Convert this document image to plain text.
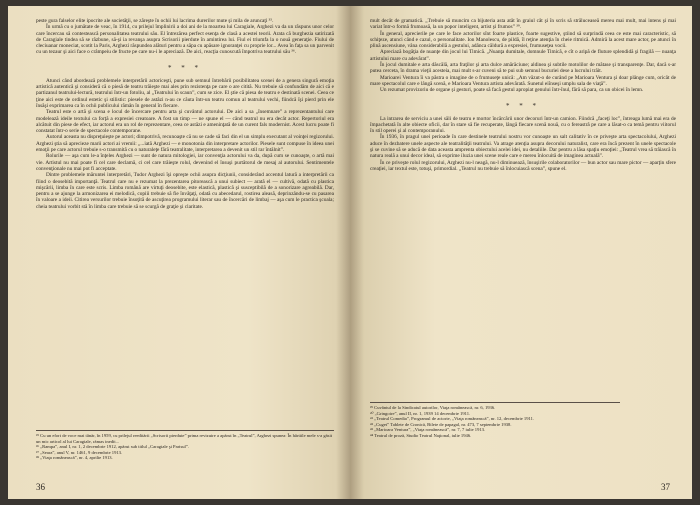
peste gura falselor elite ipocrite ale societăţii, se zăreşte în ochii lui lacrima durerilor mute şi mila de aruncaţi ³⁵.

În urmă cu o jumătate de veac, în 1914, cu prilejul împlinirii a doi ani de la moartea lui Caragiale, Arghezi va da un răspuns unor celor care încercau să contestească personalitatea teatrului său. El întrezărea perfect esenţa de clasă a acestei teorii. Arata că burghezia satirizată de Caragiale tindea să se răzbune, să-şi ia revanşa asupra Scrisorii pierdute în amintirea lui. Fiul ei triumfa la o nouă generaţie. Fiului de cleciuanar moneciat, scotit la Paris, Arghezi răspundea alături pentru a săpa cu apăsare ignoranţei cu proprie lor... Avea în faţa sa un parvenit cu un tezaur şi aici face o crâmpeiu de fructe pe care nu-i le apreciază. De aici, reacţia cunoscută împotriva teatrului său ³⁶.

* * *

Atunci când abordează problemele interpretării actoriceşti, pune sub semnul întrebării posibilitatea scenei de a genera singură emoţia artistică autentică şi consideră că o piesă de teatru trăieşte mai ales prin rezistenţa pe care o are citită. Nu trebuie să confundăm de aici că e partizanul teatrului-lectură, teatrului într-un fotoliu, al „Teatrului în scaun”, cum se zice. El ştie că piesa de teatru e destinată scenei. Ceea ce ţine aici este de ordinul estetic şi stilistic: piesele de astăzi n-au ce căuta într-un teatru comun al teatrului vechi, fiindcă îşi pierd prin ele însăşi exprimarea ca în ochii publicului rămân în general în fiecare.

Teatrul este o artă şi scena e locul de încercare pentru arta şi cuvântul actorului. De aici a sa „însemnare” a reprezentantului care modelează ideile textului ca forţă a expresiei creatoare. A fost un timp — ne spune el — când teatrul nu era decât actor. Repertoriul era alcătuit din piese de efect, iar actorul era un rol de reprezentare, ceea ce astăzi e ameninţată de un curent fals modernist. Acest lucru poate fi constatat într-o serie de spectacole contemporane.

Autorul aceasta nu dispreţuieşte pe actori; dimpotrivă, recunoaşte că nu se cade să faci din el un simplu executant al voinţei regizorului. Arghezi ştia să aprecieze marii actori ai vremii: „...iată Arghezi — e monotonia din interpretare actorilor. Piesele sunt compuse în ideea unei emoţii pe care actorul trebuie s-o transmită cu o naturaleţe fără teatralitate, interpretarea a devenit un stil rar întâlnit”.

Rolurile — aşa cum le-a înţeles Arghezi — sunt de natura mitologiei, iar convenţia actorului va da, după cum se cunoaşte, o artă mai vie. Artistul nu mai poate fi cel care declamă, ci cel care trăieşte rolul, devenind el însuşi purtătorul de mesaj al autorului. Sentimentele convenţionale nu mai pot fi acceptate.

Dintre problemele măruntei interpretări, Tudor Arghezi îşi opreşte ochii asupra dicţiunii, considerând accentul latură a interpretării ca fiind o deosebită importanţă. Teatrul care nu e rezumat la prezentarea pitorească a unui subiect — arată el — cultivă, odată cu plastica mişcării, limba în care este scris. Limba română are virtuţi deosebite, este elastică, plastică şi susceptibilă de a sonorizare agreabilă. Dar, pentru a se ajunge la armonizarea ei melodică, copiii trebuie să fie învăţaţi, odată cu abecedarul, rostirea aleasă, deprinzându-se cu pasarea în valoare a ideii. Citirea versurilor trebuie însoţită de ascuţirea programului literar sau de încercări de limbaj — aşa cum le practica şcoala; cheia teatrului vorbit stă în limba care trebuie să se scurgă de graţie şi claritate.

³⁵ Cu un efort de voce mai tânăr, în 1959, cu prilejul reeditării „Scrisorii pierdute” prima revizuire a apărut în „Teatrul”, Arghezi spunea: În hârtiile mele s-a găsit un mic articol al lui Caragiale, rămas inedit...

³⁶ „Rampa”, anul I, nr. 1, 2 decembrie 1912, apărut sub titlul „Caragiale şi Parisul”.

³⁷ „Seara”, anul V, nr. 1461, 9 decembrie 1913.

³⁸ „Viaţa românească”, nr. 4, aprilie 1913.

36

mult decât de gramatică. „Trebuie să muncim ca bijuteria asta atât în graiul cât şi în scris să străluceaseă mereu mai mult, mai intens şi mai variat într-o formă frumoasă, la un popor inteligent, artist şi frumos” ³⁹.

În general, aprecierile pe care le face actorilor sînt foarte plastice, foarte sugestive, ştiind să surprindă ceea ce este mai caracteristic, să schiţeze, atunci când e cazul, o personalitate. Ion Manolescu, de pildă, îl reţine atenţia în cheie ritmică. Admiră la acest mare actor, pe atunci în plină ascensiune, vâna considerabilă a gestului, adânca căldură a expresiei, frumuseţea vocii.

Apreciază bogăţia de nuanţe din jocul lui Timică. „Nuanţa dumitale, domnule Timică, e cît o aripă de fluture splendidă şi fragilă — nuanţa artistului mare cu adevărat”.

În jocul dumitale e arta dăscălă, arta fraţilor şi arta dulce amărăciune; aldinea şi subtile motolilor de mătase şi transparenţe. Dar, dacă s-ar putea cerceta, în drama vieţii acesteia, mai mult s-ar cuveni să te pui sub semnul bucuriei dese a lucrului trăit.

Marioarei Ventura îi va păstra o imagine de o frumuseţe unică: „Am văzut-o de curând pe Marioara Ventura şi doar plânge cum, oricât de mare spectacolul care e lângă scenă, e Marioara Ventura artista adevărată. Sunetul eiînseşi umplu sala de viaţă”.

Un rezumat provizoriu de organe şi gesturi, poate să facă gestul apropiat genului într-înul, fără să para, ca un obicei în lemn.

* * *

La intrarea de serviciu a unei săli de teatru e mortor încărcării unor decoruri într-un camion. Fiindcă „faceţi loc”, întreaga lumă mai era de împachetată în alte obiecte oficii, dar în stare să fie recuperate, lângă fiecare scenă nouă, cu o fereastră pe care a lăsat-o ca temă pentru viitorul în stil operei şi al contemporanului.

În 1936, în pragul unei perioade în care destinele teatrului nostru vor cunoaşte un salt calitativ în ce priveşte arta spectacolului, Arghezi aduce în dezbatere unele aspecte ale teatralităţii teatrului. Va atrage atenţia asupra decorului naturalist, care era încă prezent în unele spectacole şi se cuvine să se aducă de data aceasta amprenta obiectului acelei idei, nu detaliile. Dar pentru a lăsa spaţiu emoţiei: „Teatrul vrea să trăiască în natura reală a unui decor ideal, să exprime iluzia unei scene reale care e mereu înlocuită de imaginea actuală”.

În ce priveşte rolul regizorului, Arghezi nu-l neagă, nu-l diminuează, însuşirile colaboratorilor — bun actor sau mare pictor — aparţin sfere creaţiei, iar textul este, totuşi, primordial. „Teatrul nu trebuie să înlocuiască scena”, spune el.

³⁹ Cuvântul de la Sindicatul autorilor, Viaţa românească, nr. 6, 1936.

⁴⁰ „Gringoire”, anul II, nr. 1, 1939 14 decembrie 1911.

⁴¹ „Teatrul Comedia”, Programul de actorie, „Viaţa românească”, nr. 12, decembrie 1911.

⁴² „Cuget” Tablete de Cronică, Bilete de papagal, nr. 473, 7 septembrie 1938.

⁴³ „Marioara Ventura”, „Viaţa românească”, nr. 7, 7 iulie 1913.

⁴⁴ Teatrul de proză, Studio Teatrul Naţional, iulie 1946.

37
